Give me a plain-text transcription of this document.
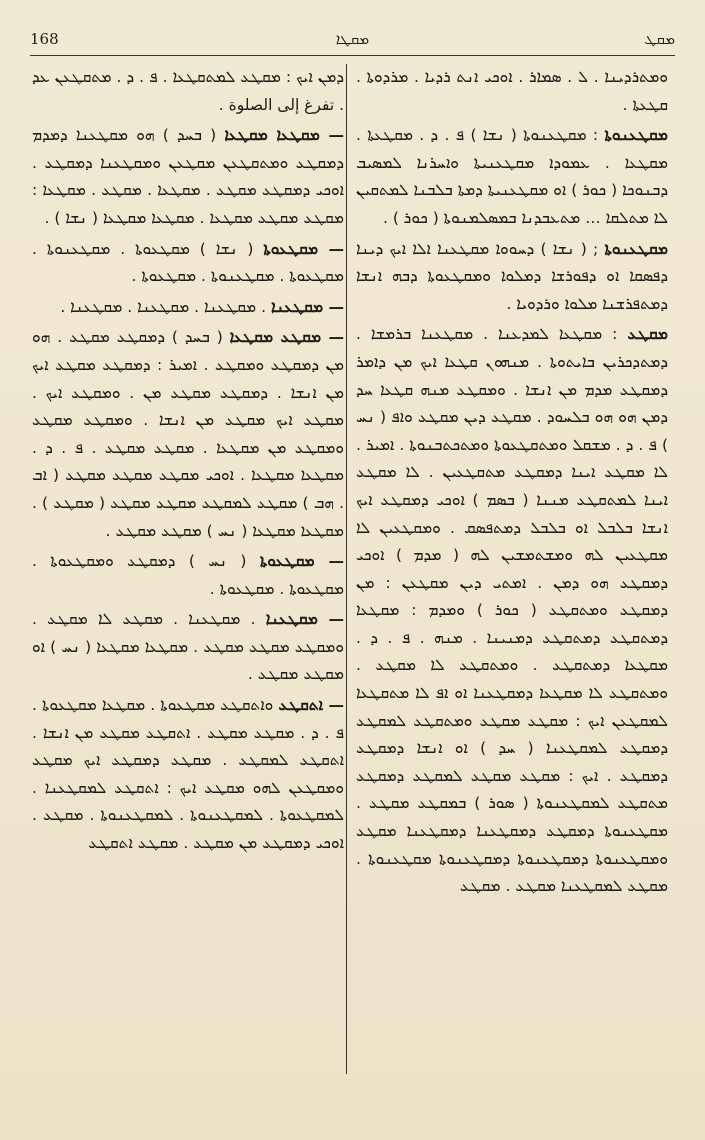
168	ܡܩܛܐ	ܡܩܛ

ܘܡܬܪܕܝܢܐ . ܠ . ܣܡܐܪ . ܐܘܟܝ ܐܢܬ ܪܕܝܐ . ܡܪܕܘܬܐ . ܩܛܥܬܐ .

ܡܩܛܥܢܘܬܐ : ܡܩܛܥܢܘܬܐ ( ܢܫܐ ) ܦ . ܕ . ܡܩܛܥܬܐ . ܡܩܛܥܐ . ܥܡܘܕܐ ܡܩܛܥܢܝܬܐ ܘܐܚܪܢܐ ܠܡܣܝܒ ܕܒܢܘܟܐ ( ܟܘܪ ) ܐܘ ܡܩܛܥܢܝܬܐ ܕܡܬܐ ܒܠܒܢܐ ܠܡܬܩܝܢ ܠܐ ܡܬܠܩܐ … ܡܬܥܒܕܢܐ ܒܡܣܠܡܢܘܬܐ ( ܟܘܪ ) .

ܡܩܛܥܢܘܬܐ ; ( ܢܫܐ ) ܕܚܘܘܐ ܡܩܛܥܢܐ ܐܠܐ ܐܝܟ ܕܝܢܐ ܕܦܣܩܐ ܐܘ ܕܦܘܪܫܐ ܕܡܠܘܐ ܘܡܩܛܥܘܬܐ ܕܒܗ ܐܢܫܐ ܕܡܬܦܪܫܢܐ ܡܠܘܐ ܘܪܕܘܝܐ .

ܡܩܛܥ : ܡܩܛܥܐ ܠܡܕܥܢܐ . ܡܩܛܥܢܐ ܒܪܡܫܐ . ܕܡܬܕܟܪܝܢ ܒܐܝܬܘܬܐ . ܡܢܗܘܢ ܩܛܥܐ ܐܝܟ ܡܢ ܕܐܡܪ ܕܡܩܛܥ ܡܕܡ ܡܢ ܐܢܫܐ . ܘܡܩܛܥ ܡܢܗ ܩܛܥܐ ܚܕ ܕܡܢ ܗܘ ܗܘ ܒܠܚܘܕ . ܡܩܛܥ ܕܝܢ ܡܩܛܥ ܘܐܦ ( ܢܚ ) ܦ . ܕ . ܡܫܩܠ ܘܡܬܩܛܥܘܬܐ ܘܡܬܟܬܒܢܘܬܐ . ܐܡܝܪ . ܠܐ ܡܩܛܥ ܐܝܢܐ ܕܡܩܛܥ ܡܬܩܛܥܝܢ . ܠܐ ܡܩܛܥ ܐܝܢܐ ܠܡܬܩܛܥ ܡܢܢܐ ( ܒܣܡ ) ܐܘܟܝ ܕܡܩܛܥ ܐܝܟ ܐܢܫܐ ܒܠܒܠ ܐܘ ܒܠܒܠ ܕܡܬܦܣܩ . ܘܡܩܛܥܝܢ ܠܐ ܡܩܛܥܝܢ ܠܗ ܘܡܫܬܡܫܝܢ ܠܗ ( ܡܕܡ ) ܐܘܟܝ ܕܡܩܛܥ ܗܘ ܕܡܢ . ܐܡܬܝ ܕܝܢ ܡܩܛܥܢ : ܡܢ ܕܡܩܛܥ ܘܡܬܩܛܥ ( ܟܘܪ ) ܘܡܕܡ : ܡܩܛܥܐ ܕܡܬܩܛܥ ܕܡܬܩܛܥ ܕܡܢܝܢܐ . ܡܢܗ . ܦ . ܕ . ܡܩܛܥܐ ܕܡܬܩܛܥ . ܘܡܬܩܛܥ ܠܐ ܡܩܛܥ . ܘܡܬܩܛܥ ܠܐ ܡܩܛܥܐ ܕܡܩܛܥܢܐ ܐܘ ܐܦ ܠܐ ܡܬܩܛܥܐ ܠܡܩܛܥܢ ܐܝܟ : ܡܩܛܥ ܡܩܛܥ ܘܡܬܩܛܥ ܠܡܩܛܥ ܕܡܩܛܥ ܠܡܩܛܥܢܐ ( ܚܕ ) ܐܘ ܐܢܫܐ ܕܡܩܛܥ ܕܡܩܛܥ . ܐܝܟ : ܡܩܛܥ ܡܩܛܥ ܠܡܩܛܥ ܕܡܩܛܥ ܡܬܩܛܥ ܠܡܩܛܥܢܘܬܐ ( ܣܘܪ ) ܒܡܩܛܥ ܡܩܛܥ . ܡܩܛܥܢܘܬܐ ܕܡܩܛܥ ܕܡܩܛܥܢܐ ܕܡܩܛܥܢܐ ܡܩܛܥ ܘܡܩܛܥܢܘܬܐ ܕܡܩܛܥܢܘܬܐ ܕܡܩܛܥܢܘܬܐ ܡܩܛܥܢܘܬܐ . ܡܩܛܥ ܠܡܩܛܥܢܐ ܡܩܛܥ . ܡܩܛܥ

ܕܡܢ ܐܝܟ : ܡܩܛܥ ܠܡܬܩܛܥܐ . ܦ . ܕ . ܡܬܩܛܥܢ ܥܕ . تفرغ إلى الصلوة .

— ܡܩܛܥܐ ܡܩܛܥܐ ( ܒܚܕ ) ܗܘ ܡܩܛܥܢܐ ܕܡܕܡ ܕܡܩܛܥ ܘܡܬܩܛܥܢ ܡܩܛܥܢ ܘܡܩܛܥܢܐ ܕܡܩܛܥ . ܐܘܟܝ ܕܡܩܛܥ ܡܩܛܥ . ܡܩܛܥܐ . ܡܩܛܥ . ܡܩܛܥܐ : ܡܩܛܥ ܡܩܛܥ ܡܩܛܥܐ . ܡܩܛܥܐ ܡܩܛܥܐ ( ܢܫܐ ) .

— ܡܩܛܥܘܬܐ ( ܢܫܐ ) ܡܩܛܥܘܬܐ . ܡܩܛܥܢܘܬܐ . ܡܩܛܥܘܬܐ . ܡܩܛܥܢܘܬܐ . ܡܩܛܥܘܬܐ .

— ܡܩܛܥܢܐ . ܡܩܛܥܢܐ . ܡܩܛܥܢܐ . ܡܩܛܥܢܐ .

— ܡܩܛܥ ܡܩܛܥܐ ( ܒܚܕ ) ܕܡܩܛܥ ܡܩܛܥ . ܗܘ ܡܢ ܕܡܩܛܥ ܘܡܩܛܥ . ܐܡܝܪ : ܕܡܩܛܥ ܡܩܛܥ ܐܝܟ ܡܢ ܐܢܫܐ . ܕܡܩܛܥ ܡܩܛܥ ܡܢ . ܘܡܩܛܥ ܐܝܟ . ܡܩܛܥ ܐܝܟ ܡܩܛܥ ܡܢ ܐܢܫܐ . ܘܡܩܛܥ ܡܩܛܥ ܘܡܩܛܥ ܡܢ ܡܩܛܥܐ . ܡܩܛܥ ܡܩܛܥ . ܦ . ܕ . ܡܩܛܥܐ ܡܩܛܥܐ . ܐܘܟܝ ܡܩܛܥ ܡܩܛܥ ܡܩܛܥ ( ܐܒ . ܗܒ ) ܡܩܛܥ ܠܡܩܛܥ ܡܩܛܥ ܡܩܛܥ ( ܡܩܛܥ ) . ܡܩܛܥܐ ܡܩܛܥܐ ( ܢܚ ) ܡܩܛܥ ܡܩܛܥ .

— ܡܩܛܥܘܬܐ ( ܢܚ ) ܕܡܩܛܥ ܘܡܩܛܥܘܬܐ . ܡܩܛܥܘܬܐ . ܡܩܛܥܘܬܐ .

— ܡܩܛܥܢܐ . ܡܩܛܥܢܐ . ܡܩܛܥ ܠܐ ܡܩܛܥ . ܘܡܩܛܥ ܡܩܛܥ ܡܩܛܥ . ܡܩܛܥܐ ܡܩܛܥܐ ( ܢܚ ) ܐܘ ܡܩܛܥ ܡܩܛܥ .

— ܐܬܩܛܥ ܘܐܬܩܛܥ ܡܩܛܥܘܬܐ . ܡܩܛܥܐ ܡܩܛܥܘܬܐ . ܦ . ܕ . ܡܩܛܥ ܡܩܛܥ . ܐܬܩܛܥ ܡܩܛܥ ܡܢ ܐܢܫܐ . ܐܬܩܛܥ ܠܡܩܛܥ . ܡܩܛܥ ܕܡܩܛܥ ܐܝܟ ܡܩܛܥ ܘܡܩܛܥܢ ܠܗܘ ܡܩܛܥ ܐܝܟ : ܐܬܩܛܥ ܠܡܩܛܥܢܐ . ܠܡܩܛܥܘܬܐ . ܠܡܩܛܥܢܘܬܐ . ܠܡܩܛܥܢܘܬܐ . ܡܩܛܥ . ܐܘܟܝ ܕܡܩܛܥ ܡܢ ܡܩܛܥ . ܡܩܛܥ ܐܬܩܛܥ
